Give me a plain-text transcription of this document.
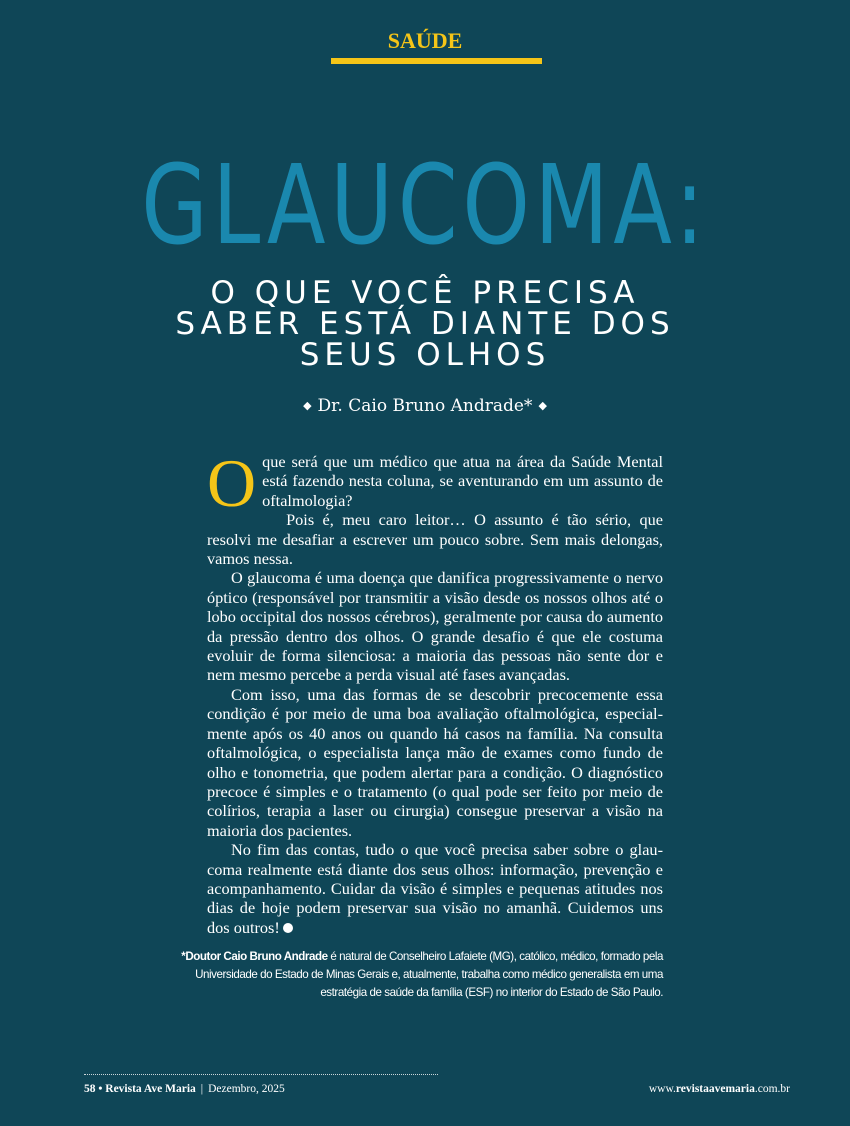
SAÚDE
GLAUCOMA:
O QUE VOCÊ PRECISA
SABER ESTÁ DIANTE DOS
SEUS OLHOS
◆ Dr. Caio Bruno Andrade* ◆

O que será que um médico que atua na área da Saúde Mental está fazendo nesta coluna, se aventurando em um assunto de oftalmologia?

Pois é, meu caro leitor… O assunto é tão sério, que resolvi me desafiar a escrever um pouco sobre. Sem mais delongas, vamos nessa.

O glaucoma é uma doença que danifica progressivamente o nervo óptico (responsável por transmitir a visão desde os nossos olhos até o lobo occipital dos nossos cérebros), geralmente por causa do aumento da pressão dentro dos olhos. O grande desafio é que ele costuma evoluir de forma silenciosa: a maioria das pessoas não sente dor e nem mesmo percebe a perda visual até fases avançadas.

Com isso, uma das formas de se descobrir precocemente essa condição é por meio de uma boa avaliação oftalmológica, especialmente após os 40 anos ou quando há casos na família. Na consulta oftalmológica, o especialista lança mão de exames como fundo de olho e tonometria, que podem alertar para a condição. O diagnóstico precoce é simples e o tratamento (o qual pode ser feito por meio de colírios, terapia a laser ou cirurgia) consegue preservar a visão na maioria dos pacientes.

No fim das contas, tudo o que você precisa saber sobre o glaucoma realmente está diante dos seus olhos: informação, prevenção e acompanhamento. Cuidar da visão é simples e pequenas atitudes nos dias de hoje podem preservar sua visão no amanhã. Cuidemos uns dos outros!

*Doutor Caio Bruno Andrade é natural de Conselheiro Lafaiete (MG), católico, médico, formado pela Universidade do Estado de Minas Gerais e, atualmente, trabalha como médico generalista em uma estratégia de saúde da família (ESF) no interior do Estado de São Paulo.
58 • Revista Ave Maria | Dezembro, 2025	www.revistaavemaria.com.br
